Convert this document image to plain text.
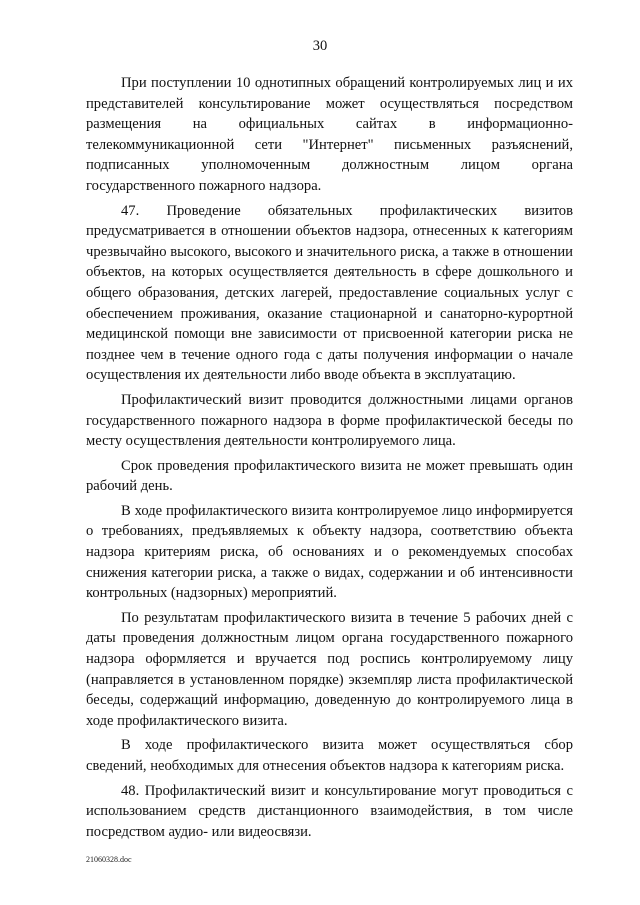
30

При поступлении 10 однотипных обращений контролируемых лиц и их представителей консультирование может осуществляться посредством размещения на официальных сайтах в информационно-телекоммуникационной сети "Интернет" письменных разъяснений, подписанных уполномоченным должностным лицом органа государственного пожарного надзора.

47. Проведение обязательных профилактических визитов предусматривается в отношении объектов надзора, отнесенных к категориям чрезвычайно высокого, высокого и значительного риска, а также в отношении объектов, на которых осуществляется деятельность в сфере дошкольного и общего образования, детских лагерей, предоставление социальных услуг с обеспечением проживания, оказание стационарной и санаторно-курортной медицинской помощи вне зависимости от присвоенной категории риска не позднее чем в течение одного года с даты получения информации о начале осуществления их деятельности либо вводе объекта в эксплуатацию.

Профилактический визит проводится должностными лицами органов государственного пожарного надзора в форме профилактической беседы по месту осуществления деятельности контролируемого лица.

Срок проведения профилактического визита не может превышать один рабочий день.

В ходе профилактического визита контролируемое лицо информируется о требованиях, предъявляемых к объекту надзора, соответствию объекта надзора критериям риска, об основаниях и о рекомендуемых способах снижения категории риска, а также о видах, содержании и об интенсивности контрольных (надзорных) мероприятий.

По результатам профилактического визита в течение 5 рабочих дней с даты проведения должностным лицом органа государственного пожарного надзора оформляется и вручается под роспись контролируемому лицу (направляется в установленном порядке) экземпляр листа профилактической беседы, содержащий информацию, доведенную до контролируемого лица в ходе профилактического визита.

В ходе профилактического визита может осуществляться сбор сведений, необходимых для отнесения объектов надзора к категориям риска.

48. Профилактический визит и консультирование могут проводиться с использованием средств дистанционного взаимодействия, в том числе посредством аудио- или видеосвязи.

21060328.doc
